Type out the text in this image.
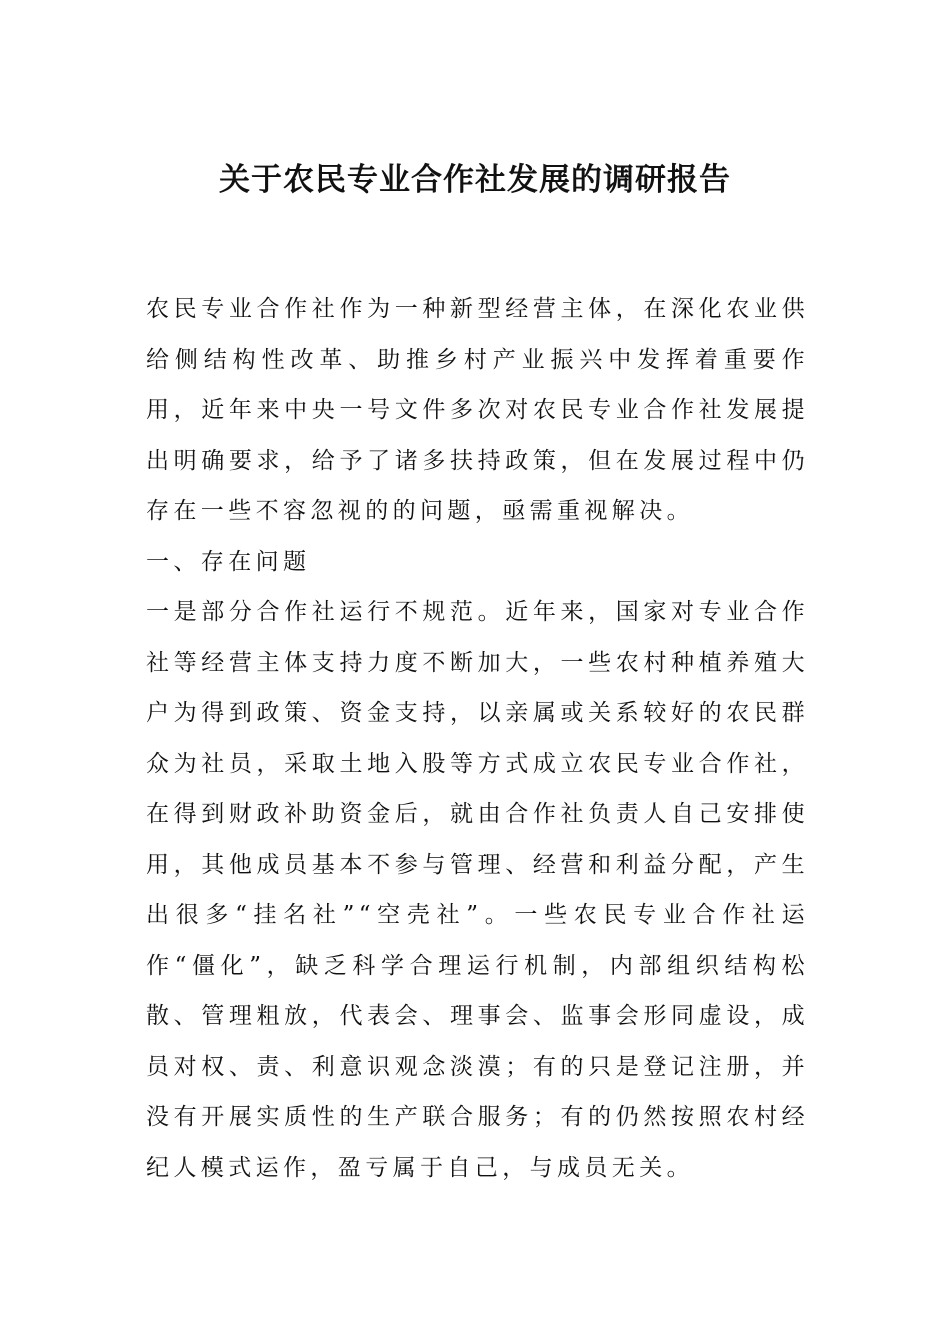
关于农民专业合作社发展的调研报告

农民专业合作社作为一种新型经营主体，在深化农业供给侧结构性改革、助推乡村产业振兴中发挥着重要作用，近年来中央一号文件多次对农民专业合作社发展提出明确要求，给予了诸多扶持政策，但在发展过程中仍存在一些不容忽视的的问题，亟需重视解决。

一、存在问题

一是部分合作社运行不规范。近年来，国家对专业合作社等经营主体支持力度不断加大，一些农村种植养殖大户为得到政策、资金支持，以亲属或关系较好的农民群众为社员，采取土地入股等方式成立农民专业合作社，在得到财政补助资金后，就由合作社负责人自己安排使用，其他成员基本不参与管理、经营和利益分配，产生出很多“挂名社”“空壳社”。一些农民专业合作社运作“僵化”，缺乏科学合理运行机制，内部组织结构松散、管理粗放，代表会、理事会、监事会形同虚设，成员对权、责、利意识观念淡漠；有的只是登记注册，并没有开展实质性的生产联合服务；有的仍然按照农村经纪人模式运作，盈亏属于自己，与成员无关。
